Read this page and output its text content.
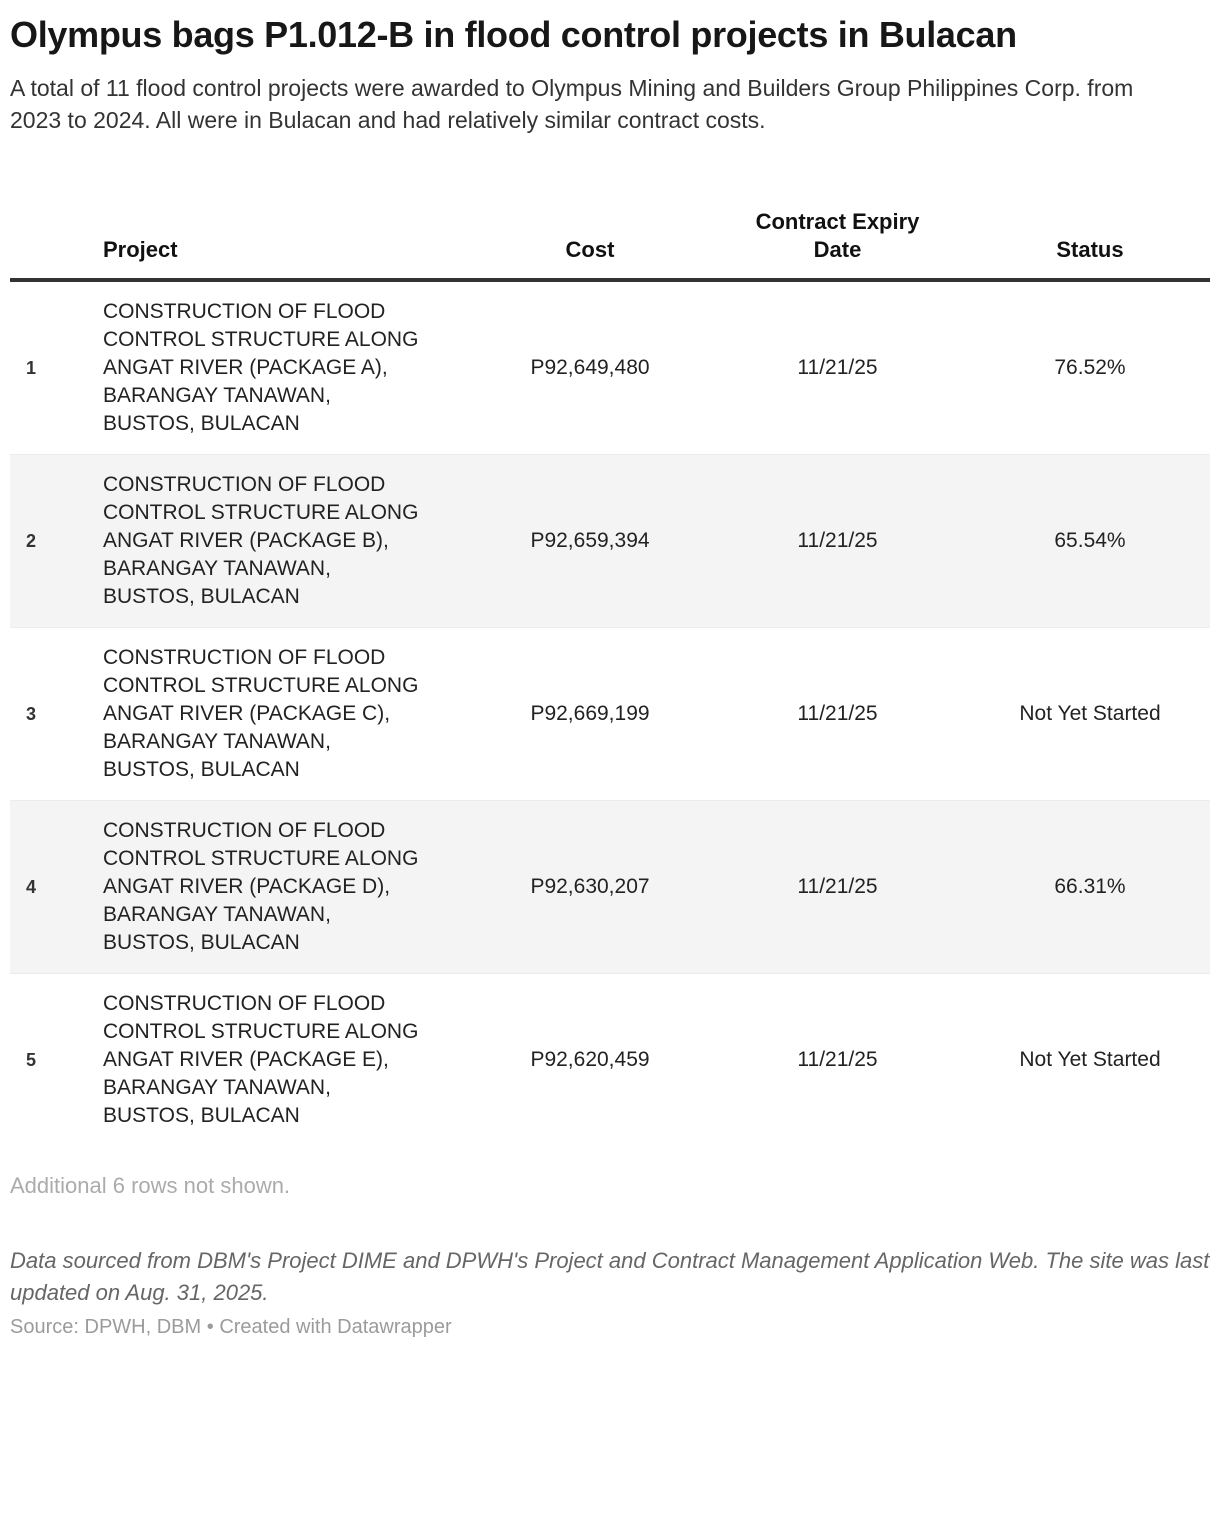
Olympus bags P1.012-B in flood control projects in Bulacan
A total of 11 flood control projects were awarded to Olympus Mining and Builders Group Philippines Corp. from 2023 to 2024. All were in Bulacan and had relatively similar contract costs.
	Project	Cost	Contract Expiry Date	Status
1	CONSTRUCTION OF FLOOD CONTROL STRUCTURE ALONG ANGAT RIVER (PACKAGE A), BARANGAY TANAWAN, BUSTOS, BULACAN	P92,649,480	11/21/25	76.52%
2	CONSTRUCTION OF FLOOD CONTROL STRUCTURE ALONG ANGAT RIVER (PACKAGE B), BARANGAY TANAWAN, BUSTOS, BULACAN	P92,659,394	11/21/25	65.54%
3	CONSTRUCTION OF FLOOD CONTROL STRUCTURE ALONG ANGAT RIVER (PACKAGE C), BARANGAY TANAWAN, BUSTOS, BULACAN	P92,669,199	11/21/25	Not Yet Started
4	CONSTRUCTION OF FLOOD CONTROL STRUCTURE ALONG ANGAT RIVER (PACKAGE D), BARANGAY TANAWAN, BUSTOS, BULACAN	P92,630,207	11/21/25	66.31%
5	CONSTRUCTION OF FLOOD CONTROL STRUCTURE ALONG ANGAT RIVER (PACKAGE E), BARANGAY TANAWAN, BUSTOS, BULACAN	P92,620,459	11/21/25	Not Yet Started
Additional 6 rows not shown.
Data sourced from DBM's Project DIME and DPWH's Project and Contract Management Application Web. The site was last updated on Aug. 31, 2025.
Source: DPWH, DBM • Created with Datawrapper
